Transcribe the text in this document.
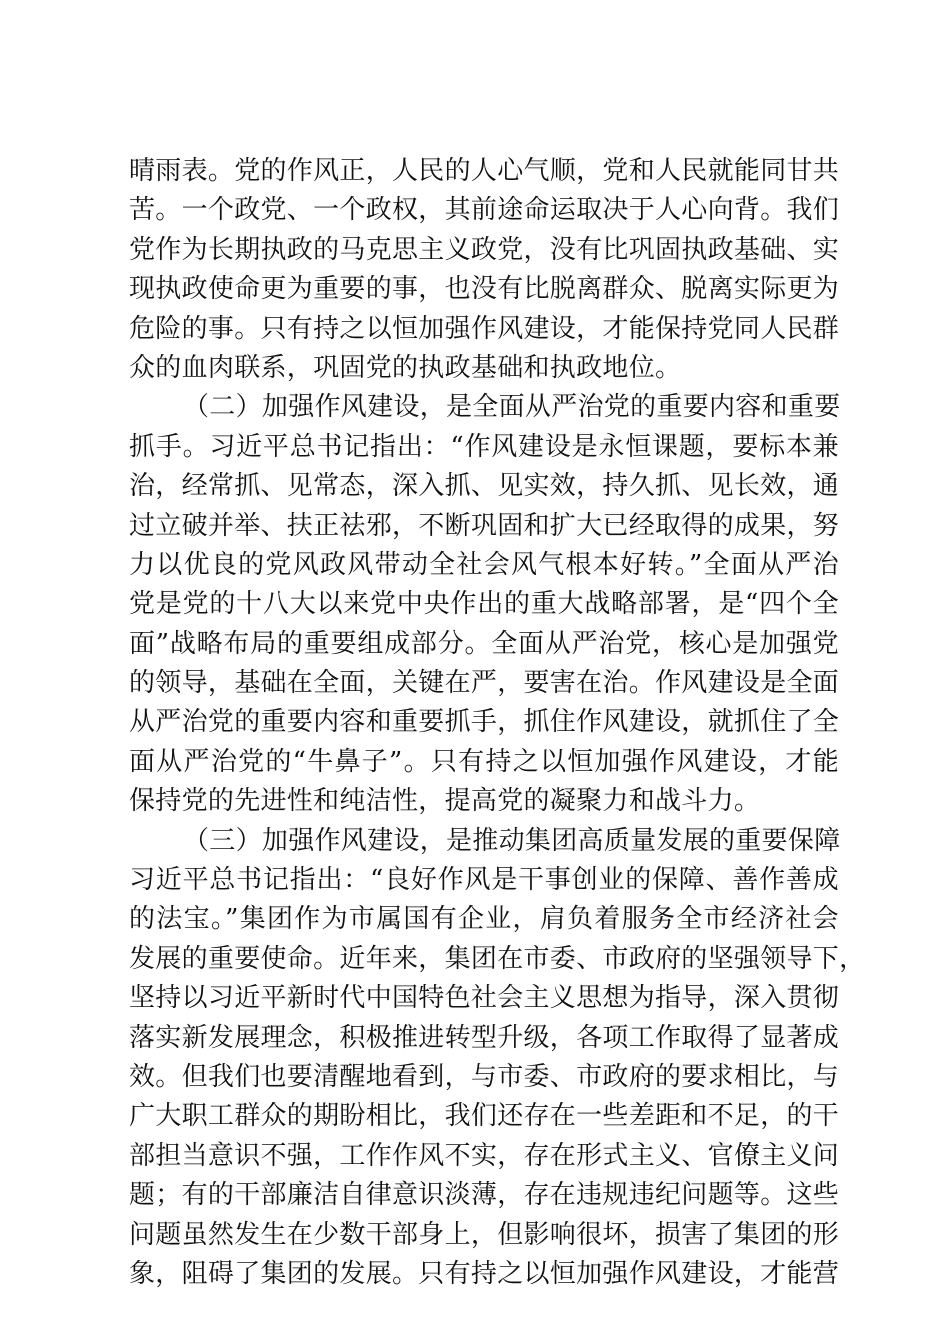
晴雨表。党的作风正，人民的人心气顺，党和人民就能同甘共
苦。一个政党、一个政权，其前途命运取决于人心向背。我们
党作为长期执政的马克思主义政党，没有比巩固执政基础、实
现执政使命更为重要的事，也没有比脱离群众、脱离实际更为
危险的事。只有持之以恒加强作风建设，才能保持党同人民群
众的血肉联系，巩固党的执政基础和执政地位。
（二）加强作风建设，是全面从严治党的重要内容和重要
抓手。习近平总书记指出：“作风建设是永恒课题，要标本兼
治，经常抓、见常态，深入抓、见实效，持久抓、见长效，通
过立破并举、扶正祛邪，不断巩固和扩大已经取得的成果，努
力以优良的党风政风带动全社会风气根本好转。”全面从严治
党是党的十八大以来党中央作出的重大战略部署，是“四个全
面”战略布局的重要组成部分。全面从严治党，核心是加强党
的领导，基础在全面，关键在严，要害在治。作风建设是全面
从严治党的重要内容和重要抓手，抓住作风建设，就抓住了全
面从严治党的“牛鼻子”。只有持之以恒加强作风建设，才能
保持党的先进性和纯洁性，提高党的凝聚力和战斗力。
（三）加强作风建设，是推动集团高质量发展的重要保障
习近平总书记指出：“良好作风是干事创业的保障、善作善成
的法宝。”集团作为市属国有企业，肩负着服务全市经济社会
发展的重要使命。近年来，集团在市委、市政府的坚强领导下，
坚持以习近平新时代中国特色社会主义思想为指导，深入贯彻
落实新发展理念，积极推进转型升级，各项工作取得了显著成
效。但我们也要清醒地看到，与市委、市政府的要求相比，与
广大职工群众的期盼相比，我们还存在一些差距和不足，的干
部担当意识不强，工作作风不实，存在形式主义、官僚主义问
题；有的干部廉洁自律意识淡薄，存在违规违纪问题等。这些
问题虽然发生在少数干部身上，但影响很坏，损害了集团的形
象，阻碍了集团的发展。只有持之以恒加强作风建设，才能营
